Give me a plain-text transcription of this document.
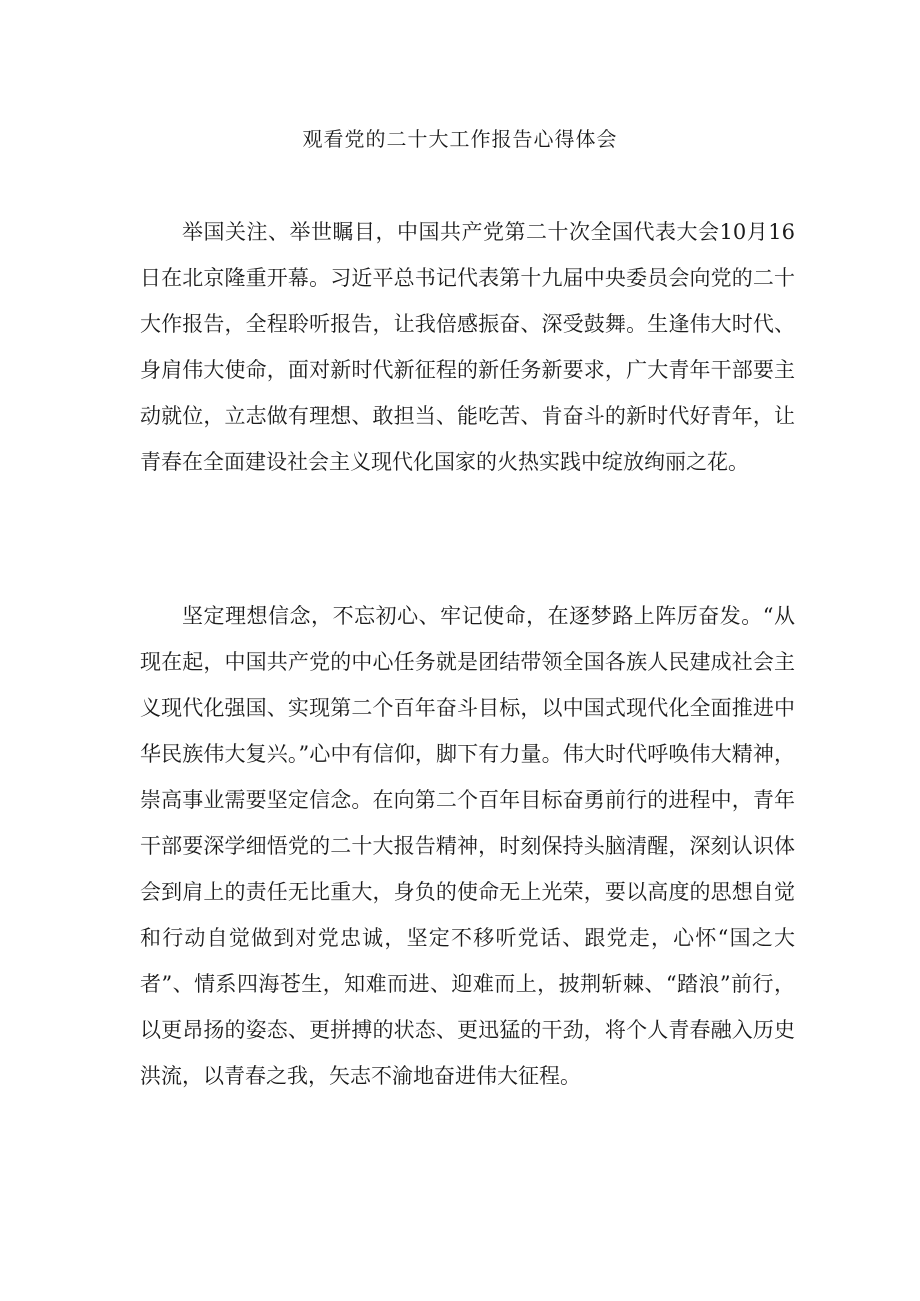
观看党的二十大工作报告心得体会

举国关注、举世瞩目，中国共产党第二十次全国代表大会10月16日在北京隆重开幕。习近平总书记代表第十九届中央委员会向党的二十大作报告，全程聆听报告，让我倍感振奋、深受鼓舞。生逢伟大时代、身肩伟大使命，面对新时代新征程的新任务新要求，广大青年干部要主动就位，立志做有理想、敢担当、能吃苦、肯奋斗的新时代好青年，让青春在全面建设社会主义现代化国家的火热实践中绽放绚丽之花。

坚定理想信念，不忘初心、牢记使命，在逐梦路上阵厉奋发。“从现在起，中国共产党的中心任务就是团结带领全国各族人民建成社会主义现代化强国、实现第二个百年奋斗目标，以中国式现代化全面推进中华民族伟大复兴。”心中有信仰，脚下有力量。伟大时代呼唤伟大精神，崇高事业需要坚定信念。在向第二个百年目标奋勇前行的进程中，青年干部要深学细悟党的二十大报告精神，时刻保持头脑清醒，深刻认识体会到肩上的责任无比重大，身负的使命无上光荣，要以高度的思想自觉和行动自觉做到对党忠诚，坚定不移听党话、跟党走，心怀“国之大者”、情系四海苍生，知难而进、迎难而上，披荆斩棘、“踏浪”前行，以更昂扬的姿态、更拼搏的状态、更迅猛的干劲，将个人青春融入历史洪流，以青春之我，矢志不渝地奋进伟大征程。
